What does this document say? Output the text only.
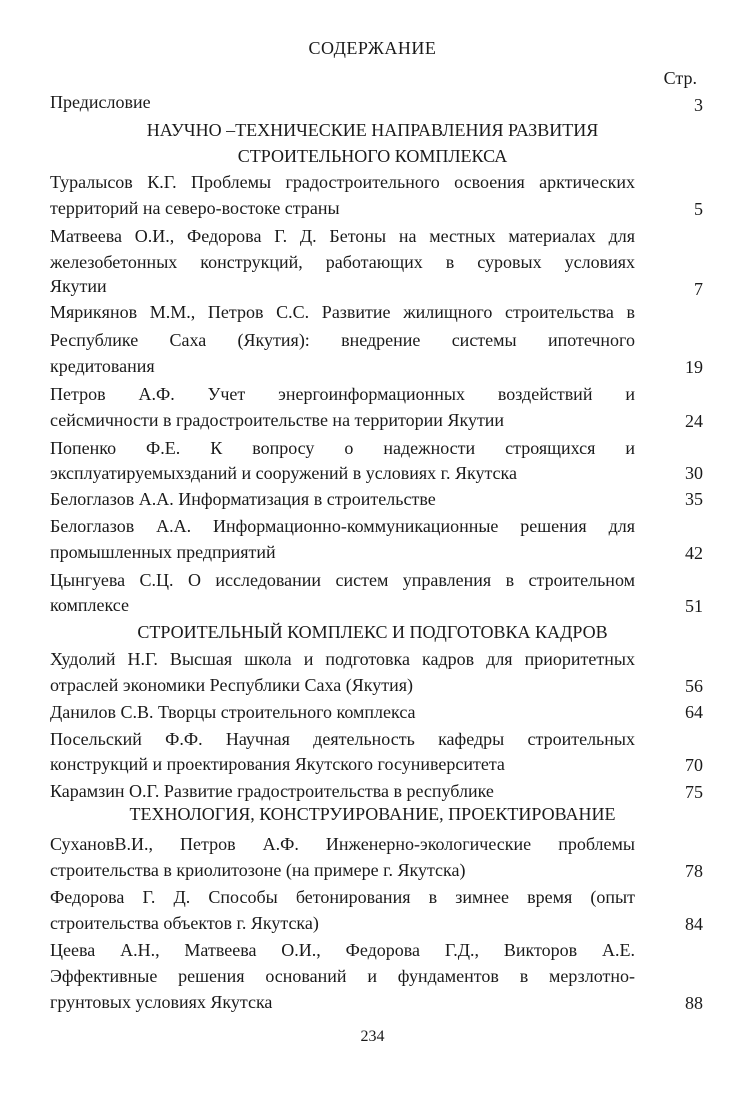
СОДЕРЖАНИЕ
Стр.
Предисловие	3
НАУЧНО –ТЕХНИЧЕСКИЕ НАПРАВЛЕНИЯ РАЗВИТИЯ
СТРОИТЕЛЬНОГО КОМПЛЕКСА
Туралысов К.Г. Проблемы градостроительного освоения арктических
территорий на северо-востоке страны	5
Матвеева О.И., Федорова Г. Д. Бетоны на местных материалах для
железобетонных конструкций, работающих в суровых условиях
Якутии	7
Мярикянов М.М., Петров С.С. Развитие жилищного строительства в
Республике Саха (Якутия): внедрение системы ипотечного
кредитования	19
Петров А.Ф. Учет энергоинформационных воздействий и
сейсмичности в градостроительстве на территории Якутии	24
Попенко Ф.Е. К вопросу о надежности строящихся и
эксплуатируемыхзданий и сооружений в условиях г. Якутска	30
Белоглазов А.А. Информатизация в строительстве	35
Белоглазов А.А. Информационно-коммуникационные решения для
промышленных предприятий	42
Цынгуева С.Ц. О исследовании систем управления в строительном
комплексе	51
СТРОИТЕЛЬНЫЙ КОМПЛЕКС И ПОДГОТОВКА КАДРОВ
Худолий Н.Г. Высшая школа и подготовка кадров для приоритетных
отраслей экономики Республики Саха (Якутия)	56
Данилов С.В. Творцы строительного комплекса	64
Посельский Ф.Ф. Научная деятельность кафедры строительных
конструкций и проектирования Якутского госуниверситета	70
Карамзин О.Г. Развитие градостроительства в республике	75
ТЕХНОЛОГИЯ, КОНСТРУИРОВАНИЕ, ПРОЕКТИРОВАНИЕ
СухановВ.И., Петров А.Ф. Инженерно-экологические проблемы
строительства в криолитозоне (на примере г. Якутска)	78
Федорова Г. Д. Способы бетонирования в зимнее время (опыт
строительства объектов г. Якутска)	84
Цеева А.Н., Матвеева О.И., Федорова Г.Д., Викторов А.Е.
Эффективные решения оснований и фундаментов в мерзлотно-
грунтовых условиях Якутска	88
234
